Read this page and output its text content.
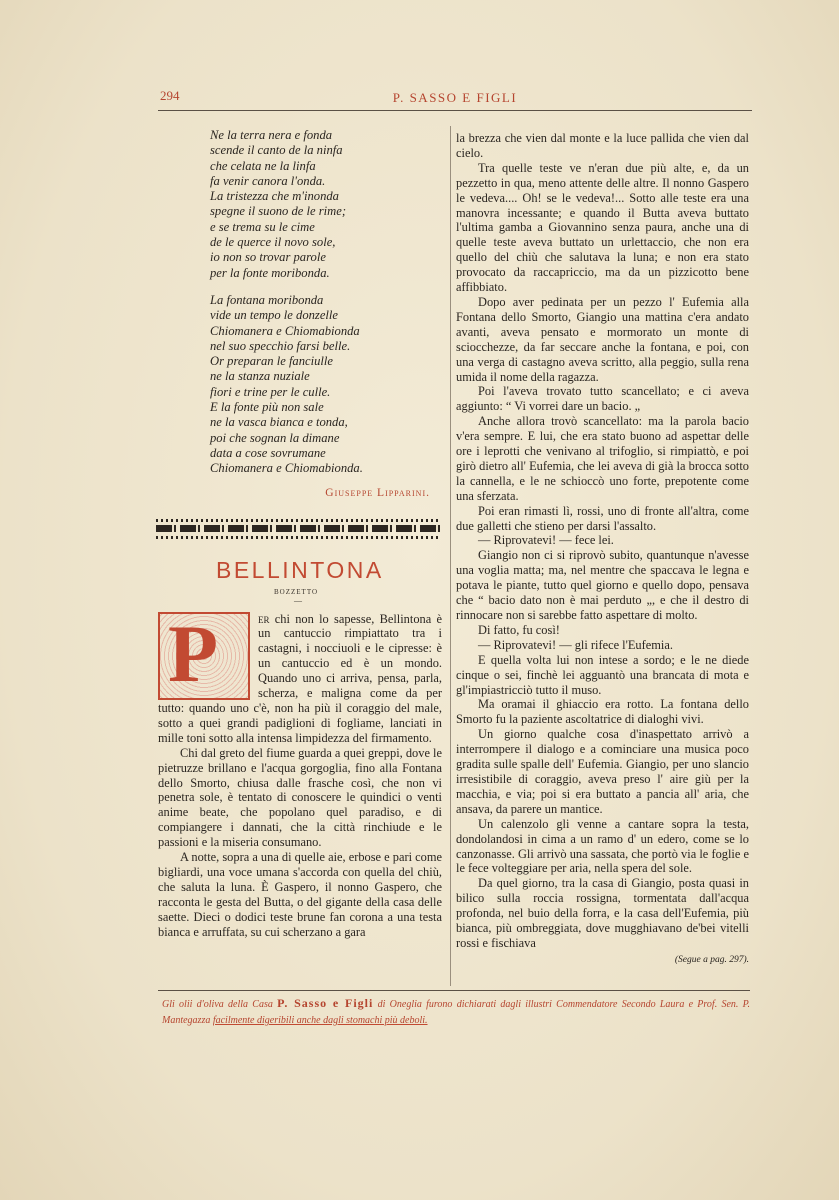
294	P. SASSO E FIGLI
Ne la terra nera e fonda
scende il canto de la ninfa
che celata ne la linfa
fa venir canora l'onda.
La tristezza che m'inonda
spegne il suono de le rime;
e se trema su le cime
de le querce il novo sole,
io non so trovar parole
per la fonte moribonda.
La fontana moribonda
vide un tempo le donzelle
Chiomanera e Chiomabionda
nel suo specchio farsi belle.
Or preparan le fanciulle
ne la stanza nuziale
fiori e trine per le culle.
E la fonte più non sale
ne la vasca bianca e tonda,
poi che sognan la dimane
data a cose sovrumane
Chiomanera e Chiomabionda.
Giuseppe Lipparini.
BELLINTONA
BOZZETTO
—
P	er chi non lo sapesse, Bellintona è un cantuccio rimpiattato tra i castagni, i nocciuoli e le cipresse: è un cantuccio ed è un mondo. Quando uno ci arriva, pensa, parla, scherza, e maligna come da per tutto: quando uno c'è, non ha più il coraggio del male, sotto a quei grandi padiglioni di fogliame, lanciati in mille toni sotto alla intensa limpidezza del firmamento.

Chi dal greto del fiume guarda a quei greppi, dove le pietruzze brillano e l'acqua gorgoglia, fino alla Fontana dello Smorto, chiusa dalle frasche così, che non vi penetra sole, è tentato di conoscere le quindici o venti anime beate, che popolano quel paradiso, e di compiangere i dannati, che la città rinchiude e le passioni e la miseria consumano.

A notte, sopra a una di quelle aie, erbose e pari come bigliardi, una voce umana s'accorda con quella del chiù, che saluta la luna. È Gaspero, il nonno Gaspero, che racconta le gesta del Butta, o del gigante della casa delle saette. Dieci o dodici teste brune fan corona a una testa bianca e arruffata, su cui scherzano a gara

la brezza che vien dal monte e la luce pallida che vien dal cielo.

Tra quelle teste ve n'eran due più alte, e, da un pezzetto in qua, meno attente delle altre. Il nonno Gaspero le vedeva.... Oh! se le vedeva!... Sotto alle teste era una manovra incessante; e quando il Butta aveva buttato l'ultima gamba a Giovannino senza paura, anche una di quelle teste aveva buttato un urlettaccio, che non era quello del chiù che salutava la luna; e non era stato provocato da raccapriccio, ma da un pizzicotto bene affibbiato.

Dopo aver pedinata per un pezzo l' Eufemia alla Fontana dello Smorto, Giangio una mattina c'era andato avanti, aveva pensato e mormorato un monte di sciocchezze, da far seccare anche la fontana, e poi, con una verga di castagno aveva scritto, alla peggio, sulla rena umida il nome della ragazza.

Poi l'aveva trovato tutto scancellato; e ci aveva aggiunto: “ Vi vorrei dare un bacio. „

Anche allora trovò scancellato: ma la parola bacio v'era sempre. E lui, che era stato buono ad aspettar delle ore i leprotti che venivano al trifoglio, si rimpiattò, e poi girò dietro all' Eufemia, che lei aveva di già la brocca sotto la cannella, e le ne schioccò uno forte, prepotente come una sferzata.

Poi eran rimasti lì, rossi, uno di fronte all'altra, come due galletti che stieno per darsi l'assalto.

— Riprovatevi! — fece lei.

Giangio non ci si riprovò subito, quantunque n'avesse una voglia matta; ma, nel mentre che spaccava le legna e potava le piante, tutto quel giorno e quello dopo, pensava che “ bacio dato non è mai perduto „, e che il destro di rinnocare non si sarebbe fatto aspettare di molto.

Di fatto, fu così!

— Riprovatevi! — gli rifece l'Eufemia.

E quella volta lui non intese a sordo; e le ne diede cinque o sei, finchè lei agguantò una brancata di mota e gl'impiastricciò tutto il muso.

Ma oramai il ghiaccio era rotto. La fontana dello Smorto fu la paziente ascoltatrice di dialoghi vivi.

Un giorno qualche cosa d'inaspettato arrivò a interrompere il dialogo e a cominciare una musica poco gradita sulle spalle dell' Eufemia. Giangio, per uno slancio irresistibile di coraggio, aveva preso l' aire giù per la macchia, e via; poi si era buttato a pancia all' aria, che ansava, da parere un mantice.

Un calenzolo gli venne a cantare sopra la testa, dondolandosi in cima a un ramo d' un edero, come se lo canzonasse. Gli arrivò una sassata, che portò via le foglie e le fece volteggiare per aria, nella spera del sole.

Da quel giorno, tra la casa di Giangio, posta quasi in bilico sulla roccia rossigna, tormentata dall'acqua profonda, nel buio della forra, e la casa dell'Eufemia, più bianca, più ombreggiata, dove mugghiavano de'bei vitelli rossi e fischiava

(Segue a pag. 297).
Gli olii d'oliva della Casa P. Sasso e Figli di Oneglia furono dichiarati dagli illustri Commendatore Secondo Laura e Prof. Sen. P. Mantegazza facilmente digeribili anche dagli stomachi più deboli.
